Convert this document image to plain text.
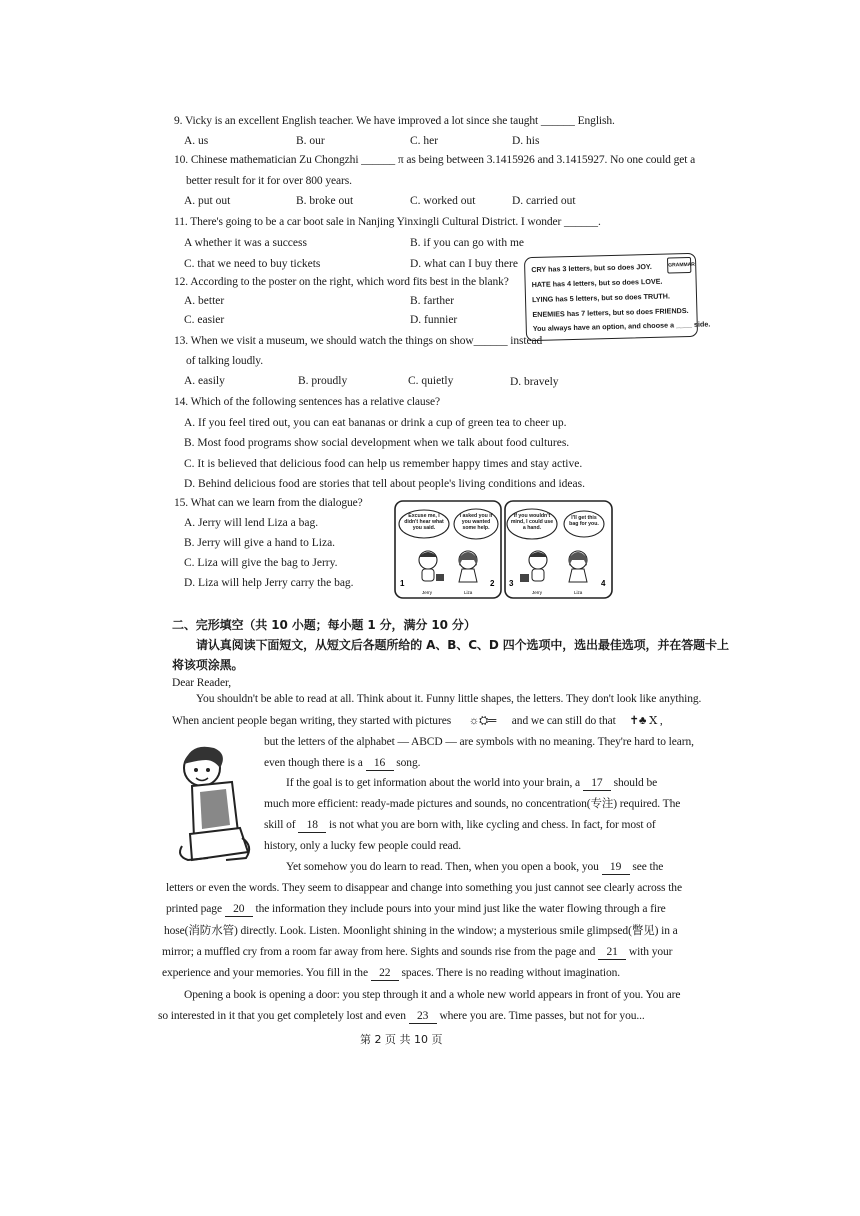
9. Vicky is an excellent English teacher. We have improved a lot since she taught ______ English.
A. us	B. our	C. her	D. his
10. Chinese mathematician Zu Chongzhi ______ π as being between 3.1415926 and 3.1415927. No one could get a
better result for it for over 800 years.
A. put out	B. broke out	C. worked out	D. carried out
11. There's going to be a car boot sale in Nanjing Yinxingli Cultural District. I wonder ______.
A whether it was a success	B. if you can go with me
C. that we need to buy tickets	D. what can I buy there
12. According to the poster on the right, which word fits best in the blank?
A. better	B. farther
C. easier	D. funnier
GRAMMAR
CRY has 3 letters, but so does JOY.
HATE has 4 letters, but so does LOVE.
LYING has 5 letters, but so does TRUTH.
ENEMIES has 7 letters, but so does FRIENDS.
You always have an option, and choose a ____ side.
13. When we visit a museum, we should watch the things on show______ instead
of talking loudly.
A. easily	B. proudly	C. quietly	D. bravely
14. Which of the following sentences has a relative clause?
A. If you feel tired out, you can eat bananas or drink a cup of green tea to cheer up.
B. Most food programs show social development when we talk about food cultures.
C. It is believed that delicious food can help us remember happy times and stay active.
D. Behind delicious food are stories that tell about people's living conditions and ideas.
15. What can we learn from the dialogue?
A. Jerry will lend Liza a bag.
B. Jerry will give a hand to Liza.
C. Liza will give the bag to Jerry.
D. Liza will help Jerry carry the bag.
Excuse me, I didn't hear what you said.
I asked you if you wanted some help.
If you wouldn't mind, I could use a hand.
I'll get this bag for you.
1	2 3	4
Jerry	Liza	Jerry	Liza
二、完形填空（共 10 小题；每小题 1 分，满分 10 分）
请认真阅读下面短文，从短文后各题所给的 A、B、C、D 四个选项中，选出最佳选项，并在答题卡上
将该项涂黑。
Dear Reader,
You shouldn't be able to read at all. Think about it. Funny little shapes, the letters. They don't look like anything.
When ancient people began writing, they started with pictures ☼⛭═ and we can still do that ✝♣ Ⅹ ,
but the letters of the alphabet — ABCD — are symbols with no meaning. They're hard to learn,
even though there is a 16 song.
If the goal is to get information about the world into your brain, a 17 should be
much more efficient: ready-made pictures and sounds, no concentration(专注) required. The
skill of 18 is not what you are born with, like cycling and chess. In fact, for most of
history, only a lucky few people could read.
Yet somehow you do learn to read. Then, when you open a book, you 19 see the
letters or even the words. They seem to disappear and change into something you just cannot see clearly across the
printed page 20 the information they include pours into your mind just like the water flowing through a fire
hose(消防水管) directly. Look. Listen. Moonlight shining in the window; a mysterious smile glimpsed(瞥见) in a
mirror; a muffled cry from a room far away from here. Sights and sounds rise from the page and 21 with your
experience and your memories. You fill in the 22 spaces. There is no reading without imagination.
Opening a book is opening a door: you step through it and a whole new world appears in front of you. You are
so interested in it that you get completely lost and even 23 where you are. Time passes, but not for you...
第 2 页 共 10 页
